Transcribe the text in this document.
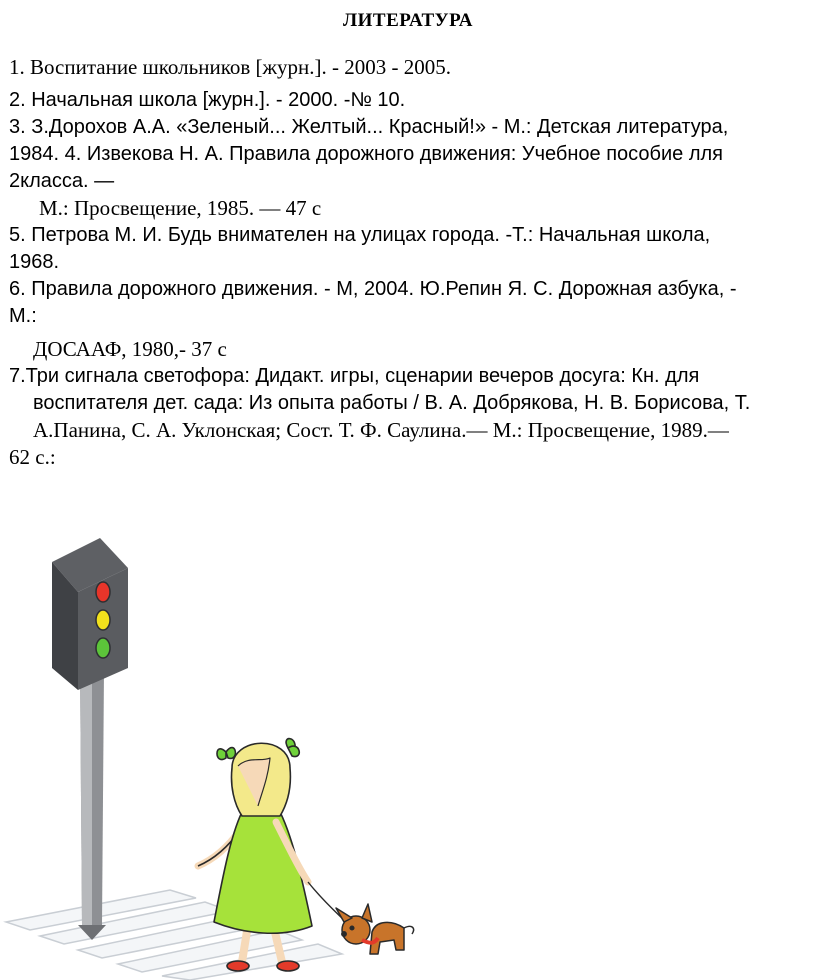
ЛИТЕРАТУРА
1. Воспитание школьников [журн.]. - 2003 - 2005.
2. Начальная школа [журн.]. - 2000. -№ 10.
3. З.Дорохов А.А. «Зеленый... Желтый... Красный!» - М.: Детская литература,
1984. 4. Извекова Н. А. Правила дорожного движения: Учебное пособие лля
2класса. —
М.: Просвещение, 1985. — 47 с
5. Петрова М. И. Будь внимателен на улицах города. -Т.: Начальная школа,
1968.
6. Правила дорожного движения. - М, 2004. Ю.Репин Я. С. Дорожная азбука, -
М.:
ДОСААФ, 1980,- 37 с
7.Три сигнала светофора: Дидакт. игры, сценарии вечеров досуга: Кн. для
воспитателя дет. сада: Из опыта работы / В. А. Добрякова, Н. В. Борисова, Т.
А.Панина, С. А. Уклонская; Сост. Т. Ф. Саулина.— М.: Просвещение, 1989.—
62 с.:
